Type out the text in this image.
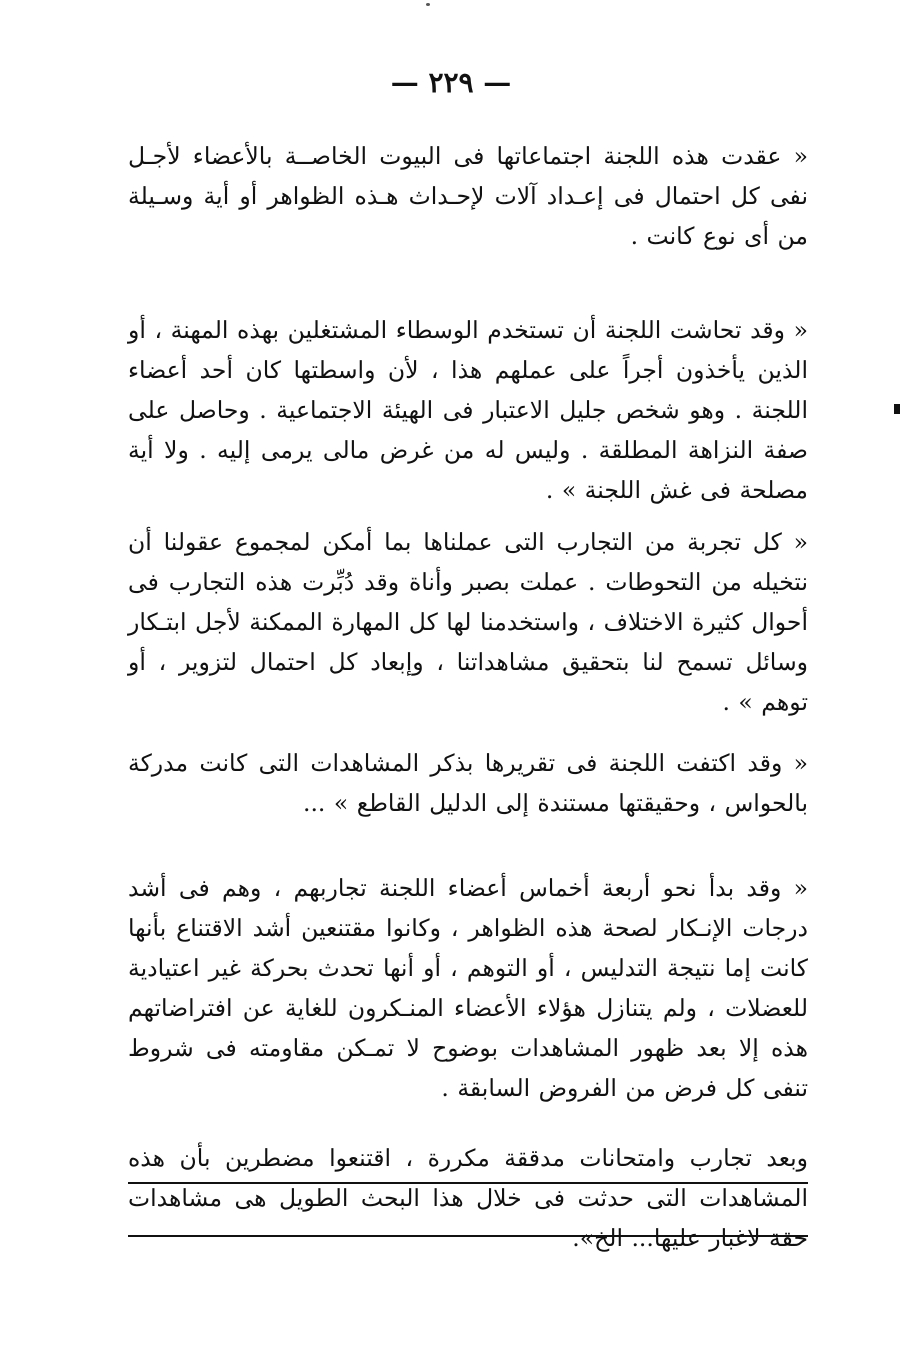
— ٢٢٩ —

« عقدت هذه اللجنة اجتماعاتها فى البيوت الخاصــة بالأعضاء لأجـل نفى كل احتمال فى إعـداد آلات لإحـداث هـذه الظواهر أو أية وسـيلة من أى نوع كانت .

« وقد تحاشت اللجنة أن تستخدم الوسطاء المشتغلين بهذه المهنة ، أو الذين يأخذون أجراً على عملهم هذا ، لأن واسطتها كان أحد أعضاء اللجنة . وهو شخص جليل الاعتبار فى الهيئة الاجتماعية . وحاصل على صفة النزاهة المطلقة . وليس له من غرض مالى يرمى إليه . ولا أية مصلحة فى غش اللجنة » .

« كل تجربة من التجارب التى عملناها بما أمكن لمجموع عقولنا أن نتخيله من التحوطات . عملت بصبر وأناة وقد دُبِّرت هذه التجارب فى أحوال كثيرة الاختلاف ، واستخدمنا لها كل المهارة الممكنة لأجل ابتـكار وسائل تسمح لنا بتحقيق مشاهداتنا ، وإبعاد كل احتمال لتزوير ، أو توهم » .

« وقد اكتفت اللجنة فى تقريرها بذكر المشاهدات التى كانت مدركة بالحواس ، وحقيقتها مستندة إلى الدليل القاطع » ...

« وقد بدأ نحو أربعة أخماس أعضاء اللجنة تجاربهم ، وهم فى أشد درجات الإنـكار لصحة هذه الظواهر ، وكانوا مقتنعين أشد الاقتناع بأنها كانت إما نتيجة التدليس ، أو التوهم ، أو أنها تحدث بحركة غير اعتيادية للعضلات ، ولم يتنازل هؤلاء الأعضاء المنـكرون للغاية عن افتراضاتهم هذه إلا بعد ظهور المشاهدات بوضوح لا تمـكن مقاومته فى شروط تنفى كل فرض من الفروض السابقة .

وبعد تجارب وامتحانات مدققة مكررة ، اقتنعوا مضطرين بأن هذه المشاهدات التى حدثت فى خلال هذا البحث الطويل هى مشاهدات حقة لاغبار عليها... الخ».
